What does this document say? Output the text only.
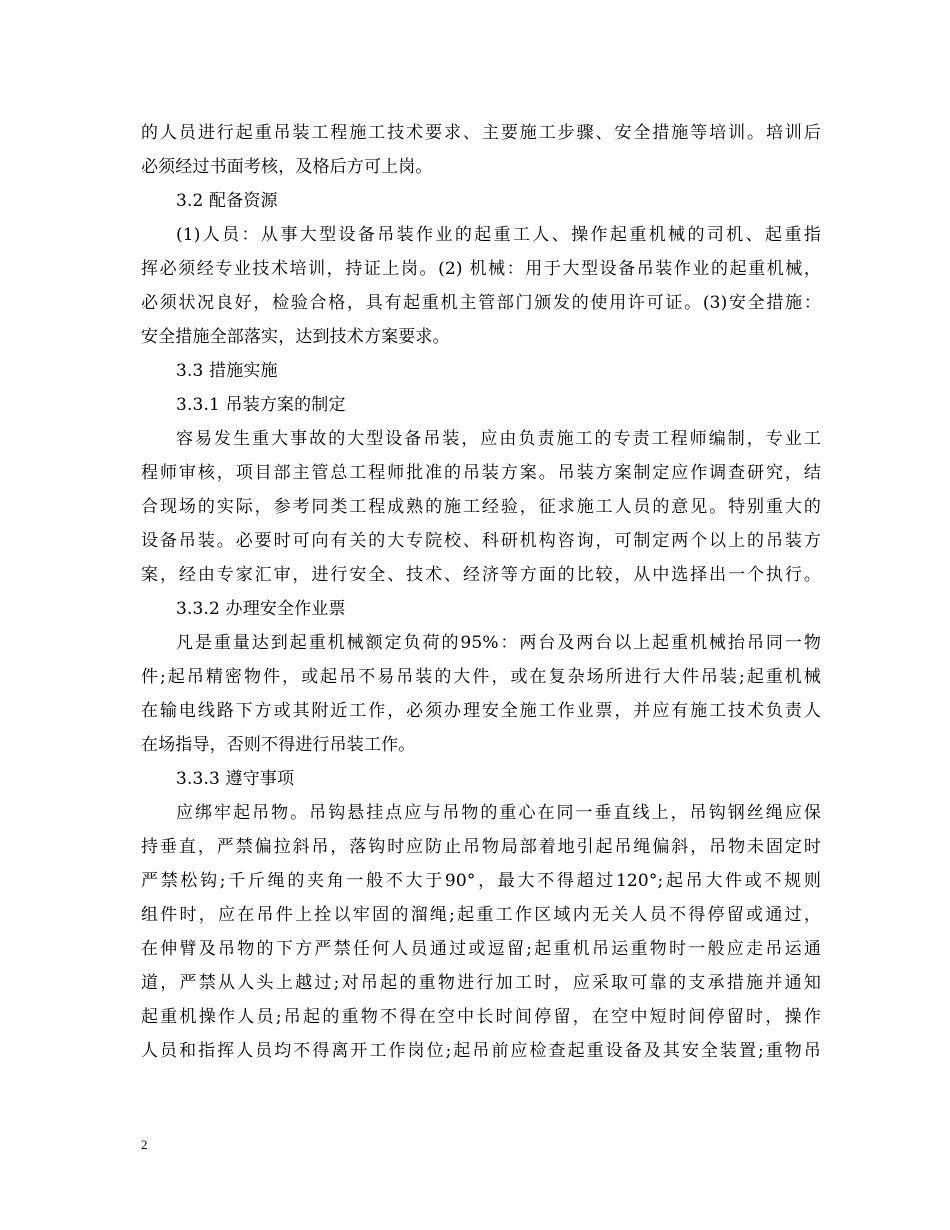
的人员进行起重吊装工程施工技术要求、主要施工步骤、安全措施等培训。培训后
必须经过书面考核，及格后方可上岗。
3.2 配备资源
(1)人员：从事大型设备吊装作业的起重工人、操作起重机械的司机、起重指
挥必须经专业技术培训，持证上岗。(2) 机械：用于大型设备吊装作业的起重机械，
必须状况良好，检验合格，具有起重机主管部门颁发的使用许可证。(3)安全措施：
安全措施全部落实，达到技术方案要求。
3.3 措施实施
3.3.1 吊装方案的制定
容易发生重大事故的大型设备吊装，应由负责施工的专责工程师编制，专业工
程师审核，项目部主管总工程师批准的吊装方案。吊装方案制定应作调查研究，结
合现场的实际，参考同类工程成熟的施工经验，征求施工人员的意见。特别重大的
设备吊装。必要时可向有关的大专院校、科研机构咨询，可制定两个以上的吊装方
案，经由专家汇审，进行安全、技术、经济等方面的比较，从中选择出一个执行。
3.3.2 办理安全作业票
凡是重量达到起重机械额定负荷的95%：两台及两台以上起重机械抬吊同一物
件;起吊精密物件，或起吊不易吊装的大件，或在复杂场所进行大件吊装;起重机械
在输电线路下方或其附近工作，必须办理安全施工作业票，并应有施工技术负责人
在场指导，否则不得进行吊装工作。
3.3.3 遵守事项
应绑牢起吊物。吊钩悬挂点应与吊物的重心在同一垂直线上，吊钩钢丝绳应保
持垂直，严禁偏拉斜吊，落钩时应防止吊物局部着地引起吊绳偏斜，吊物未固定时
严禁松钩;千斤绳的夹角一般不大于90°，最大不得超过120°;起吊大件或不规则
组件时，应在吊件上拴以牢固的溜绳;起重工作区域内无关人员不得停留或通过，
在伸臂及吊物的下方严禁任何人员通过或逗留;起重机吊运重物时一般应走吊运通
道，严禁从人头上越过;对吊起的重物进行加工时，应采取可靠的支承措施并通知
起重机操作人员;吊起的重物不得在空中长时间停留，在空中短时间停留时，操作
人员和指挥人员均不得离开工作岗位;起吊前应检查起重设备及其安全装置;重物吊
2
